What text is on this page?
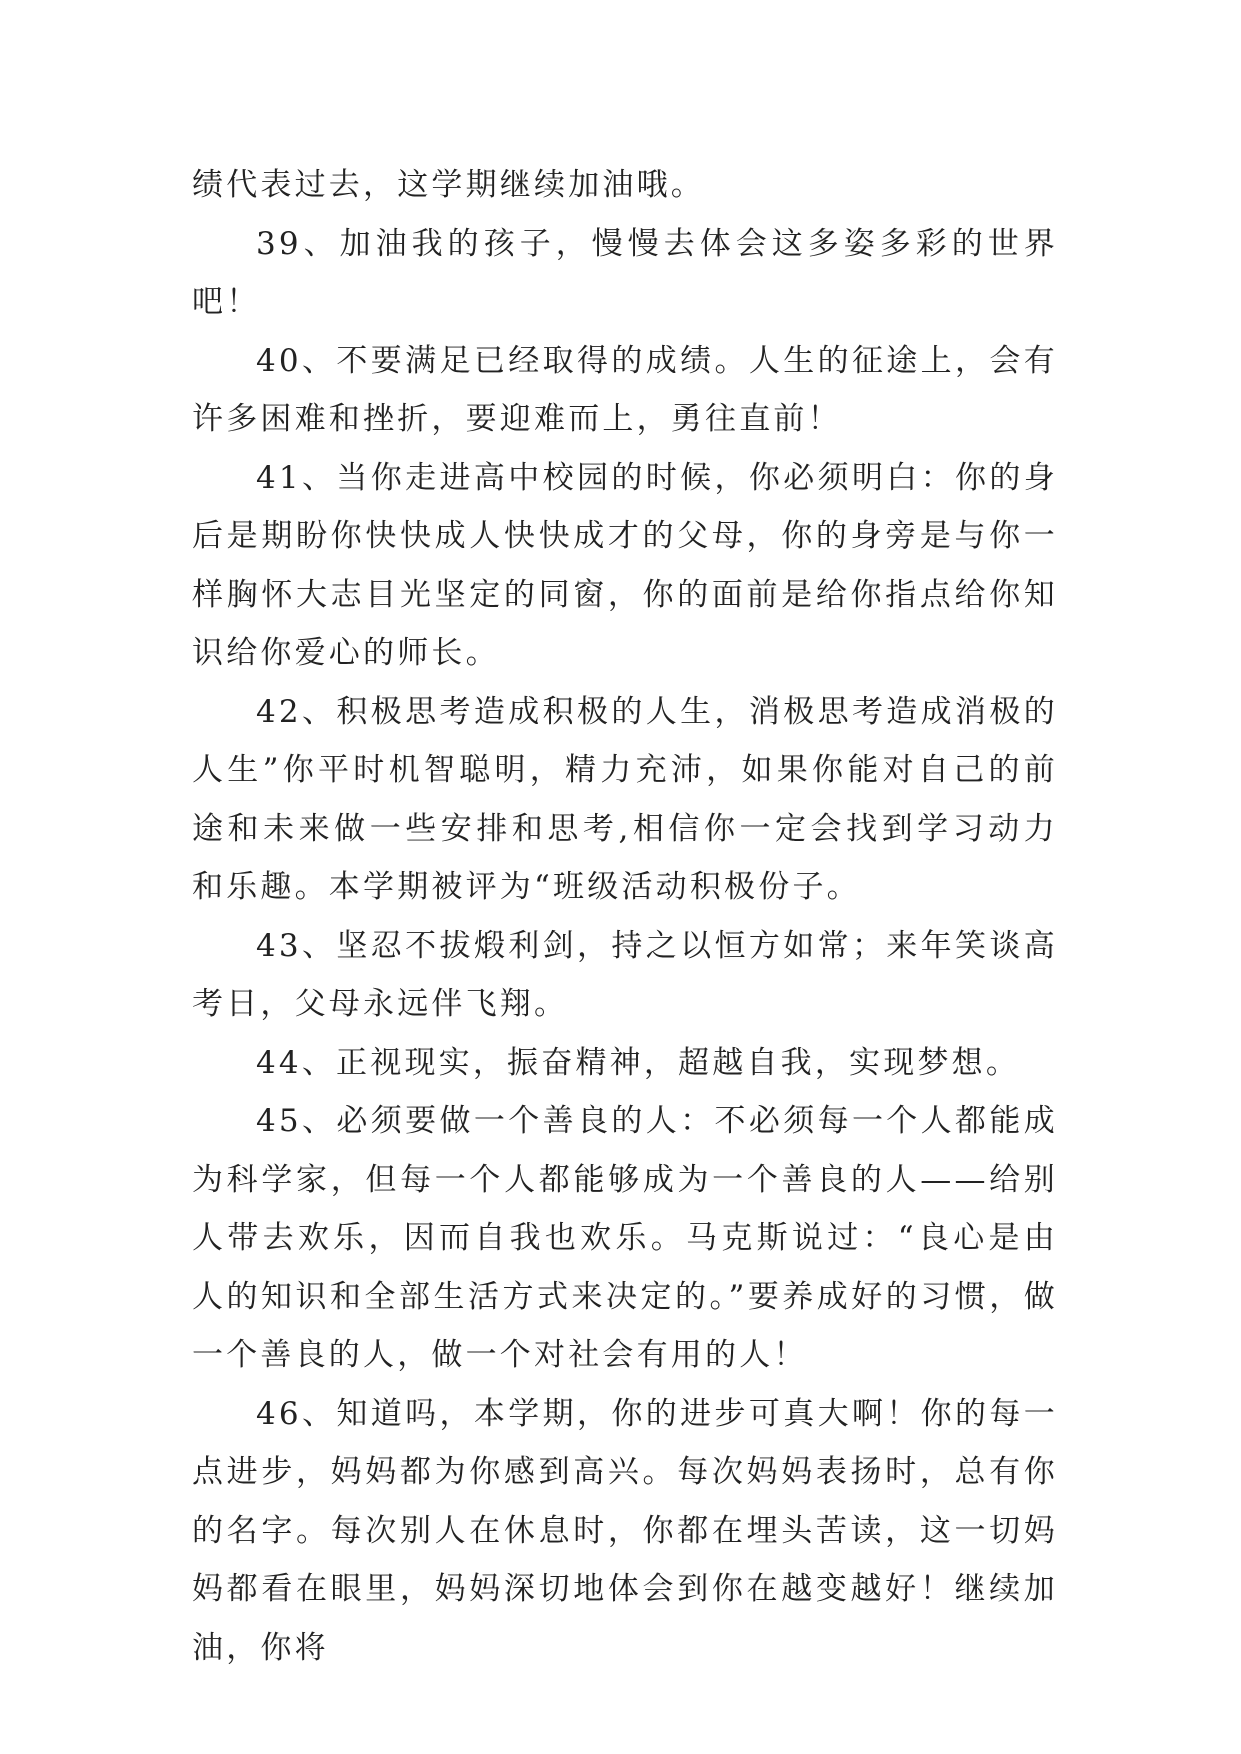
绩代表过去，这学期继续加油哦。

39、加油我的孩子，慢慢去体会这多姿多彩的世界吧！

40、不要满足已经取得的成绩。人生的征途上，会有许多困难和挫折，要迎难而上，勇往直前！

41、当你走进高中校园的时候，你必须明白：你的身后是期盼你快快成人快快成才的父母，你的身旁是与你一样胸怀大志目光坚定的同窗，你的面前是给你指点给你知识给你爱心的师长。

42、积极思考造成积极的人生，消极思考造成消极的人生”你平时机智聪明，精力充沛，如果你能对自己的前途和未来做一些安排和思考,相信你一定会找到学习动力和乐趣。本学期被评为“班级活动积极份子。

43、坚忍不拔煅利剑，持之以恒方如常；来年笑谈高考日，父母永远伴飞翔。

44、正视现实，振奋精神，超越自我，实现梦想。

45、必须要做一个善良的人：不必须每一个人都能成为科学家，但每一个人都能够成为一个善良的人——给别人带去欢乐，因而自我也欢乐。马克斯说过：“良心是由人的知识和全部生活方式来决定的。”要养成好的习惯，做一个善良的人，做一个对社会有用的人！

46、知道吗，本学期，你的进步可真大啊！你的每一点进步，妈妈都为你感到高兴。每次妈妈表扬时，总有你的名字。每次别人在休息时，你都在埋头苦读，这一切妈妈都看在眼里，妈妈深切地体会到你在越变越好！继续加油，你将
